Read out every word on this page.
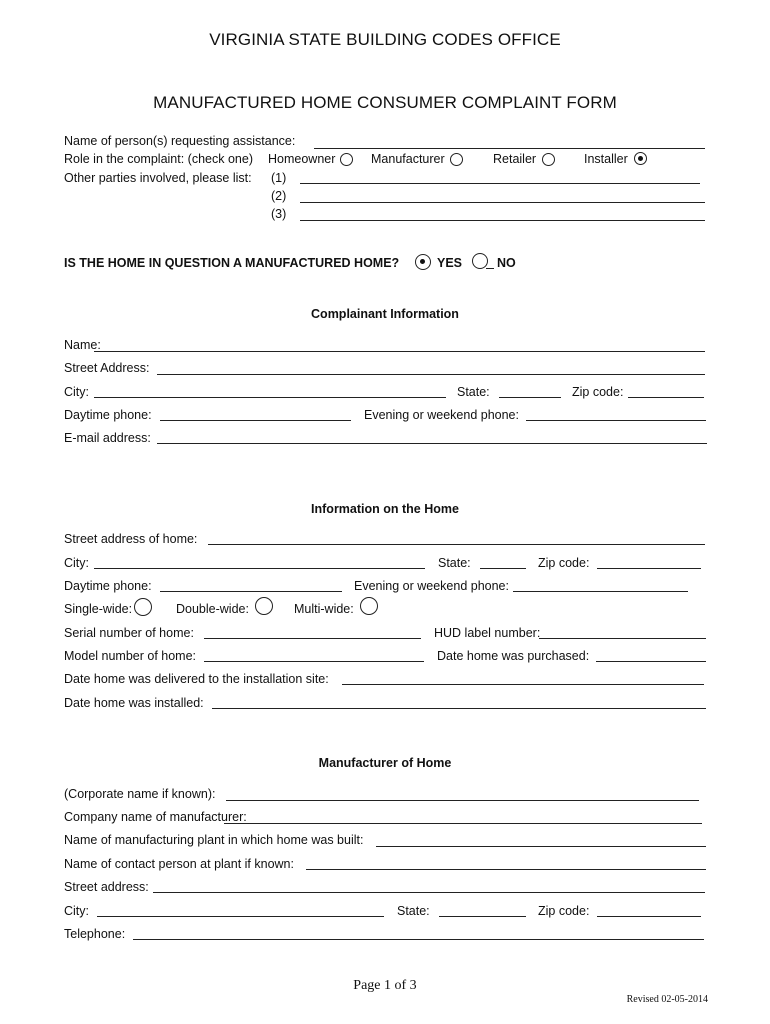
VIRGINIA STATE BUILDING CODES OFFICE
MANUFACTURED HOME CONSUMER COMPLAINT FORM
Name of person(s) requesting assistance:
Role in the complaint: (check one) Homeowner	Manufacturer	Retailer	Installer
Other parties involved, please list: (1)
(2)
(3)
IS THE HOME IN QUESTION A MANUFACTURED HOME?	YES	NO
Complainant Information
Name:
Street Address:
City:	State:	Zip code:
Daytime phone:	Evening or weekend phone:
E-mail address:
Information on the Home
Street address of home:
City:	State:	Zip code:
Daytime phone:	Evening or weekend phone:
Single-wide:	Double-wide:	Multi-wide:
Serial number of home:	HUD label number:
Model number of home:	Date home was purchased:
Date home was delivered to the installation site:
Date home was installed:
Manufacturer of Home
(Corporate name if known):
Company name of manufacturer:
Name of manufacturing plant in which home was built:
Name of contact person at plant if known:
Street address:
City:	State:	Zip code:
Telephone:
Page 1 of 3
Revised 02-05-2014
